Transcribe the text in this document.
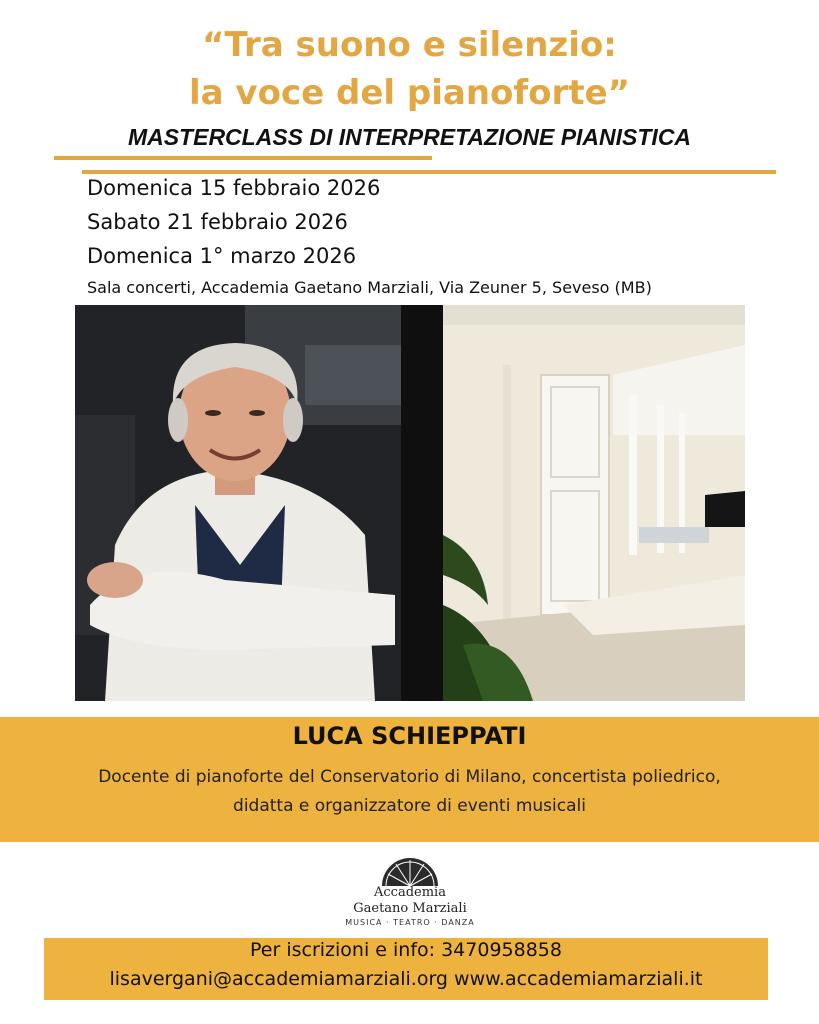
“Tra suono e silenzio:
la voce del pianoforte”
MASTERCLASS DI INTERPRETAZIONE PIANISTICA
Domenica 15 febbraio 2026
Sabato 21 febbraio 2026
Domenica 1° marzo 2026
Sala concerti, Accademia Gaetano Marziali, Via Zeuner 5, Seveso (MB)
LUCA SCHIEPPATI
Docente di pianoforte del Conservatorio di Milano, concertista poliedrico,
didatta e organizzatore di eventi musicali
Accademia
Gaetano Marziali
MUSICA · TEATRO · DANZA
Per iscrizioni e info: 3470958858
lisavergani@accademiamarziali.org www.accademiamarziali.it
